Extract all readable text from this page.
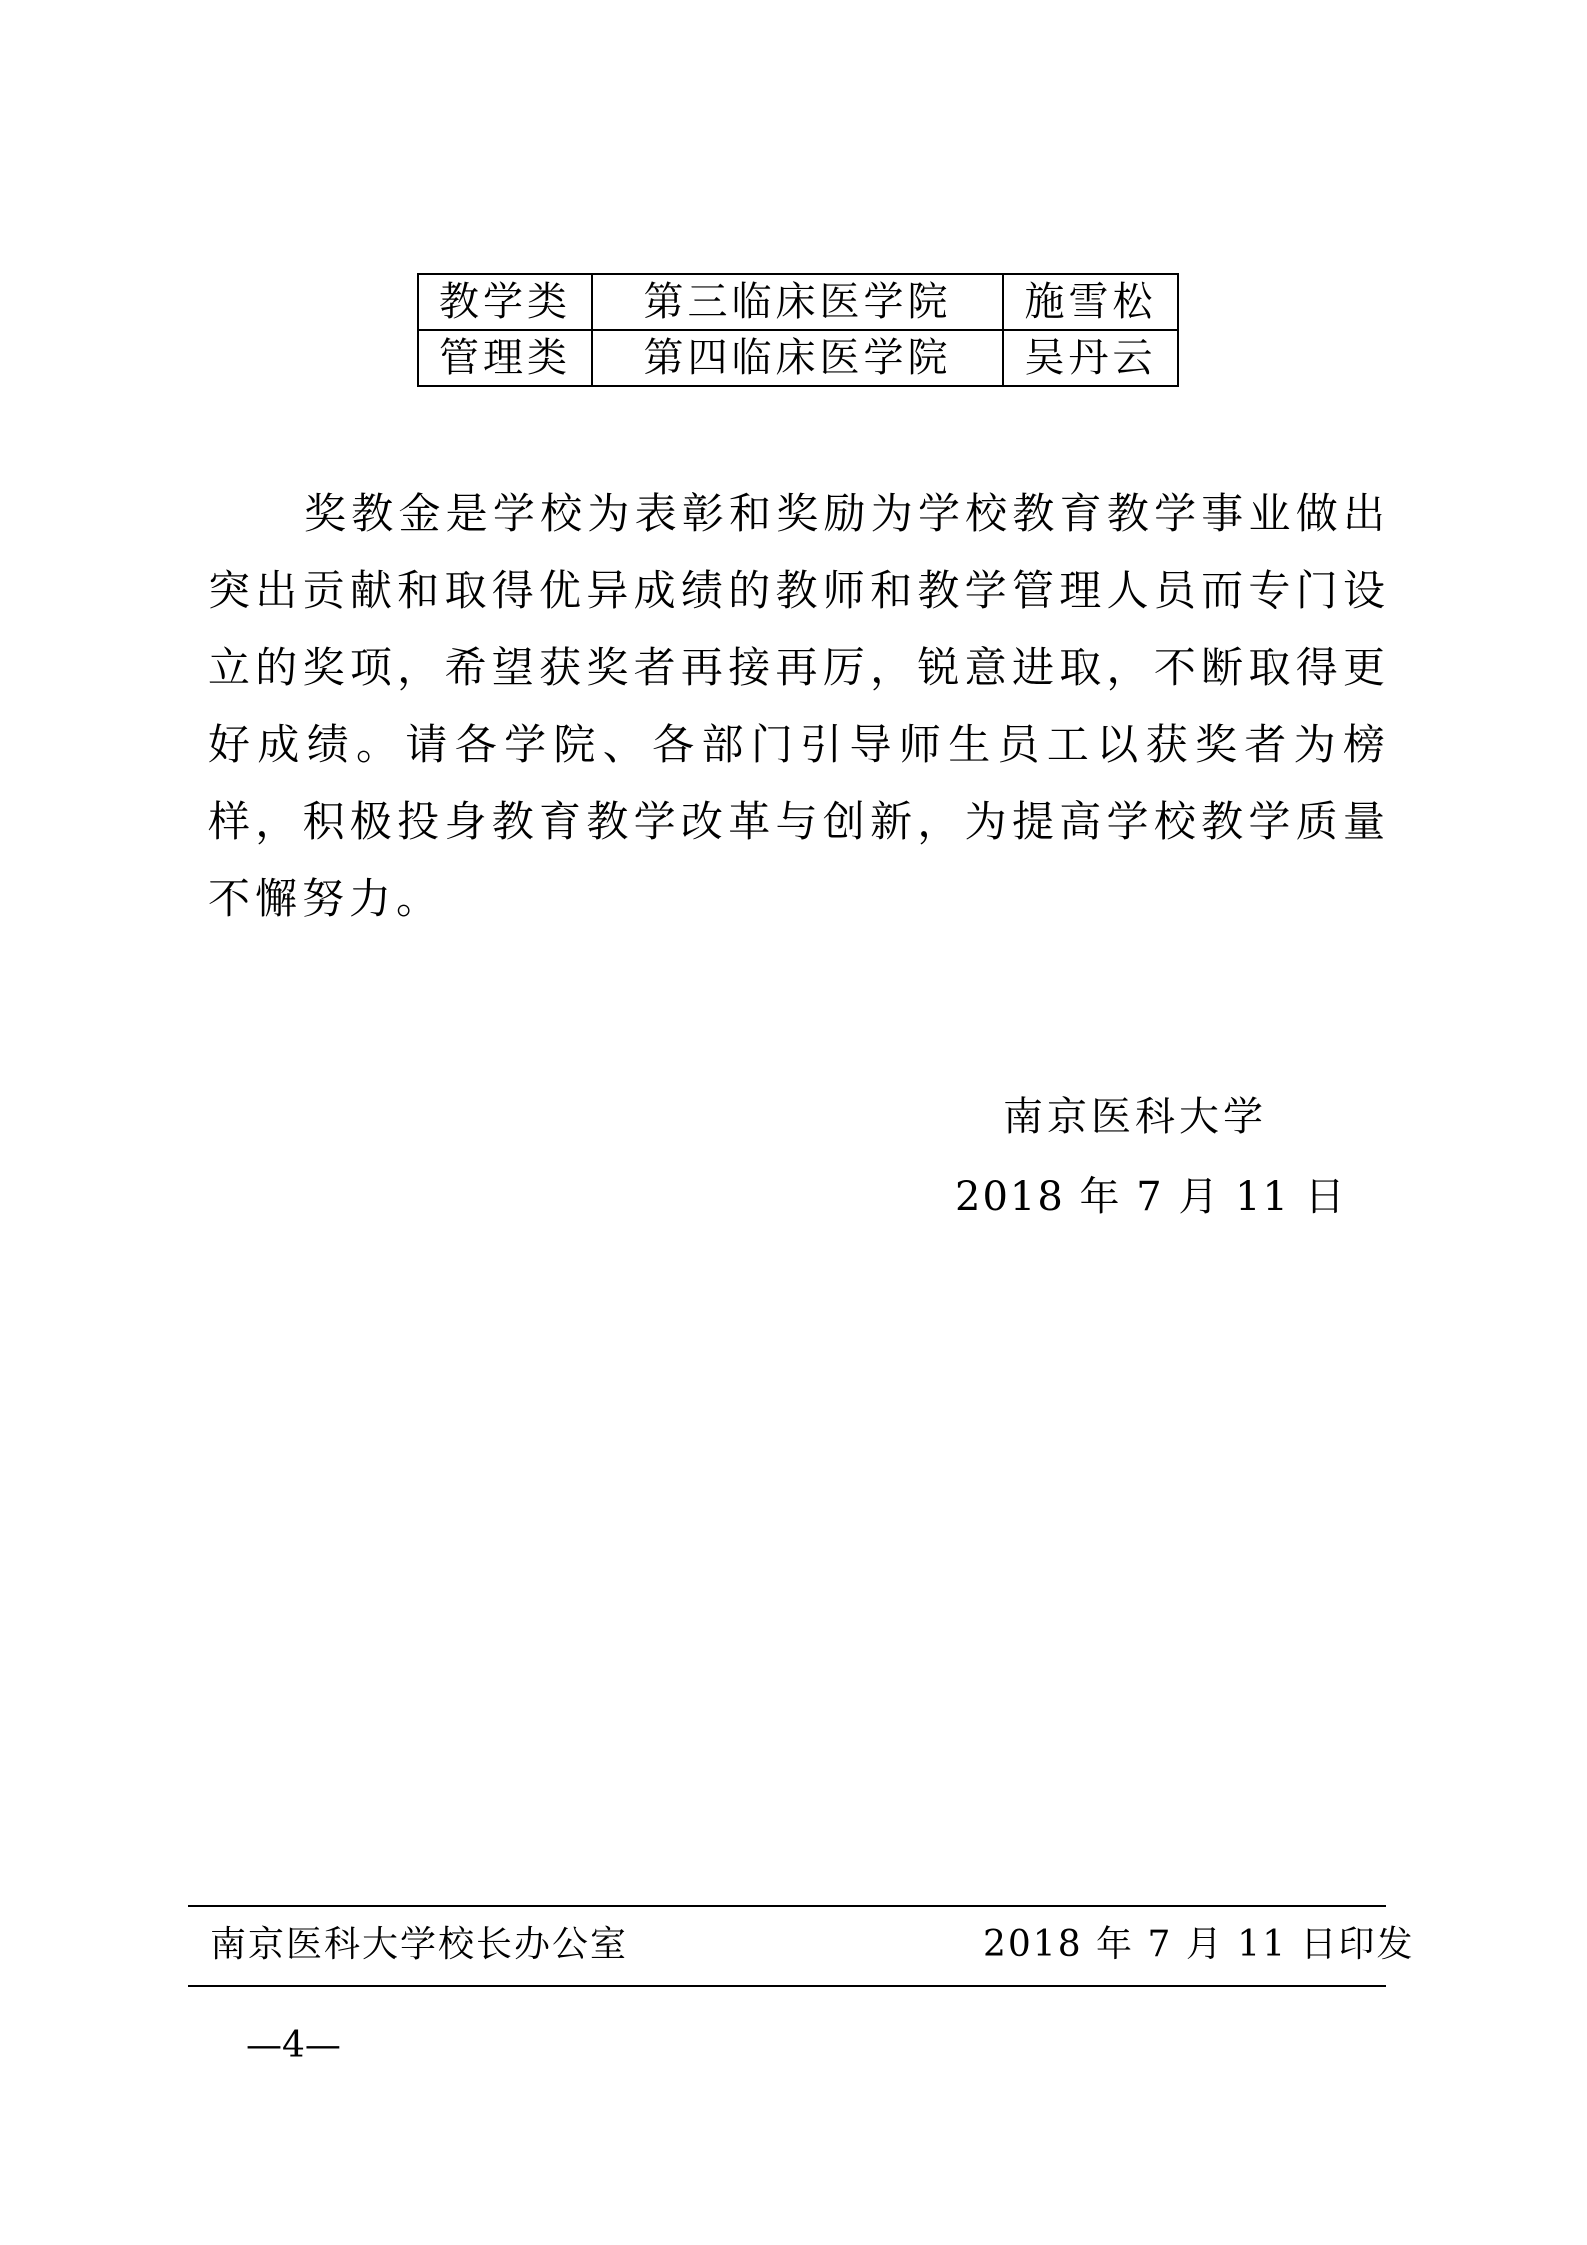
教学类	第三临床医学院	施雪松
管理类	第四临床医学院	吴丹云

奖教金是学校为表彰和奖励为学校教育教学事业做出突出贡献和取得优异成绩的教师和教学管理人员而专门设立的奖项，希望获奖者再接再厉，锐意进取，不断取得更好成绩。请各学院、各部门引导师生员工以获奖者为榜样，积极投身教育教学改革与创新，为提高学校教学质量不懈努力。

南京医科大学
2018 年 7 月 11 日
南京医科大学校长办公室	2018 年 7 月 11 日印发
—4—
